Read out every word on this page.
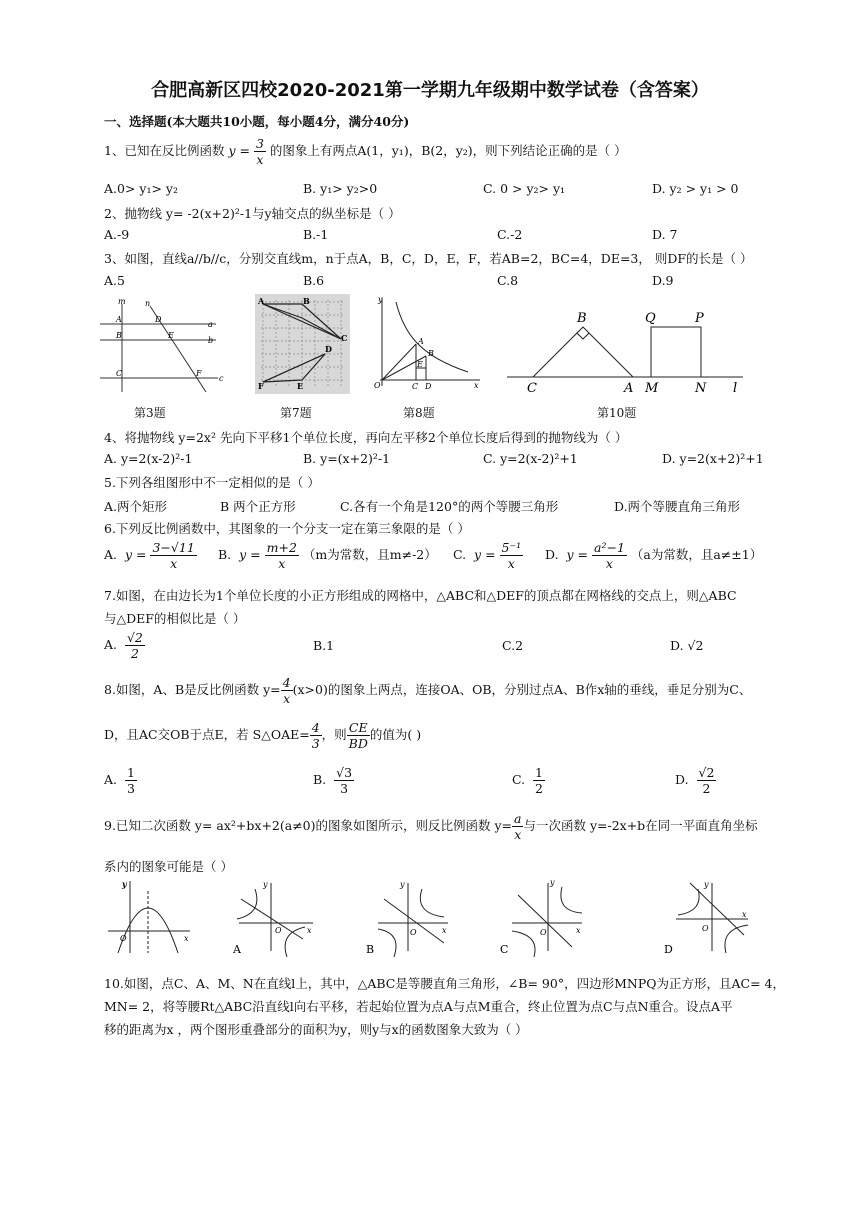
合肥高新区四校2020-2021第一学期九年级期中数学试卷（含答案）
一、选择题(本大题共10小题，每小题4分，满分40分)
1、已知在反比例函数 $y = \frac{3}{x}$ 的图象上有两点A(1，y₁)，B(2，y₂)，则下列结论正确的是（ ）
A.0> y₁> y₂	B. y₁> y₂>0	C. 0 > y₂> y₁	D. y₂ > y₁ > 0
2、抛物线 y= -2(x+2)²-1与y轴交点的纵坐标是（ ）
A.-9	B.-1	C.-2	D. 7
3、如图，直线a//b//c，分别交直线m，n于点A，B，C，D，E，F，若AB=2，BC=4，DE=3， 则DF的长是（ ）
A.5	B.6	C.8	D.9
m n
A	D
a
B	E
b
C	F
c
A	B
C
D
E
F
y
A
B
E
O	C D	x
B	Q	P
C	A M	N l
第3题	第7题	第8题	第10题
4、将抛物线 y=2x² 先向下平移1个单位长度，再向左平移2个单位长度后得到的抛物线为（ ）
A. y=2(x-2)²-1	B. y=(x+2)²-1	C. y=2(x-2)²+1	D. y=2(x+2)²+1
5.下列各组图形中不一定相似的是（ ）
A.两个矩形	B 两个正方形	C.各有一个角是120°的两个等腰三角形	D.两个等腰直角三角形
6.下列反比例函数中，其图象的一个分支一定在第三象限的是（ ）
A. $y = \frac{3-√11}{x} B$. $y = \frac{m+2}{x} (m$为常数，且m≠-2） C. $y = \frac{\text{5⁻¹}}{x} D$. $y = \frac{\text{a²−1}}{x} (a$为常数，且a≠±1）
7.如图，在由边长为1个单位长度的小正方形组成的网格中，△ABC和△DEF的顶点都在网格线的交点上，则△ABC
与△DEF的相似比是（ ）
A. $\frac{√2}{2}$	B.1	C.2	D. √2
8.如图，A、B是反比例函数 $y= \frac{4}{x} (x>0)$的图象上两点，连接OA、OB，分别过点A、B作x轴的垂线，垂足分别为C、
D，且AC交OB于点E，若 S△OAE= $\frac{4}{3}$ ，则 $\frac{CE}{BD}$ 的值为( )
A. $\frac{1}{3}$	B. $\frac{√3}{3}$	C. $\frac{1}{2}$	D. $\frac{√2}{2}$
9.已知二次函数 y= ax²+bx+2(a≠0)的图象如图所示，则反比例函数 $y= \frac{a}{x}$ 与一次函数 y=-2x+b在同一平面直角坐标
系内的图象可能是（ ）
y
x
O
y
x
O
A
y
x
O
B
y
x
O
C
y
x
O
D
10.如图，点C、A、M、N在直线l上，其中，△ABC是等腰直角三角形，∠B= 90°，四边形MNPQ为正方形，且AC= 4，
MN= 2，将等腰Rt△ABC沿直线l向右平移，若起始位置为点A与点M重合，终止位置为点C与点N重合。设点A平
移的距离为x ，两个图形重叠部分的面积为y，则y与x的函数图象大致为（ ）
